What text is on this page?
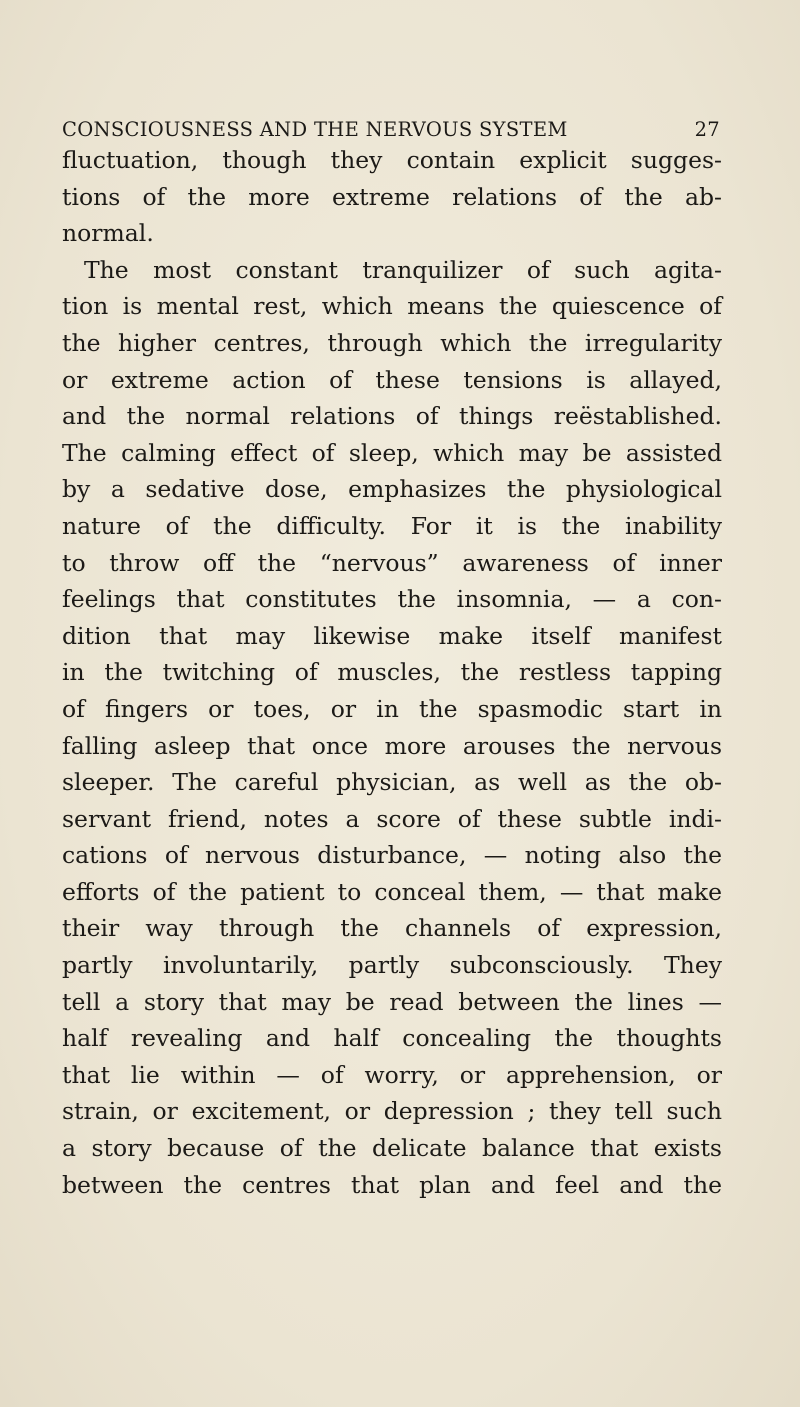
CONSCIOUSNESS AND THE NERVOUS SYSTEM	27
fluctuation, though they contain explicit sugges-
tions of the more extreme relations of the ab-
normal.
The most constant tranquilizer of such agita-
tion is mental rest, which means the quiescence of
the higher centres, through which the irregularity
or extreme action of these tensions is allayed,
and the normal relations of things reëstablished.
The calming effect of sleep, which may be assisted
by a sedative dose, emphasizes the physiological
nature of the difficulty. For it is the inability
to throw off the “nervous” awareness of inner
feelings that constitutes the insomnia, — a con-
dition that may likewise make itself manifest
in the twitching of muscles, the restless tapping
of fingers or toes, or in the spasmodic start in
falling asleep that once more arouses the nervous
sleeper. The careful physician, as well as the ob-
servant friend, notes a score of these subtle indi-
cations of nervous disturbance, — noting also the
efforts of the patient to conceal them, — that make
their way through the channels of expression,
partly involuntarily, partly subconsciously. They
tell a story that may be read between the lines —
half revealing and half concealing the thoughts
that lie within — of worry, or apprehension, or
strain, or excitement, or depression ; they tell such
a story because of the delicate balance that exists
between the centres that plan and feel and the
